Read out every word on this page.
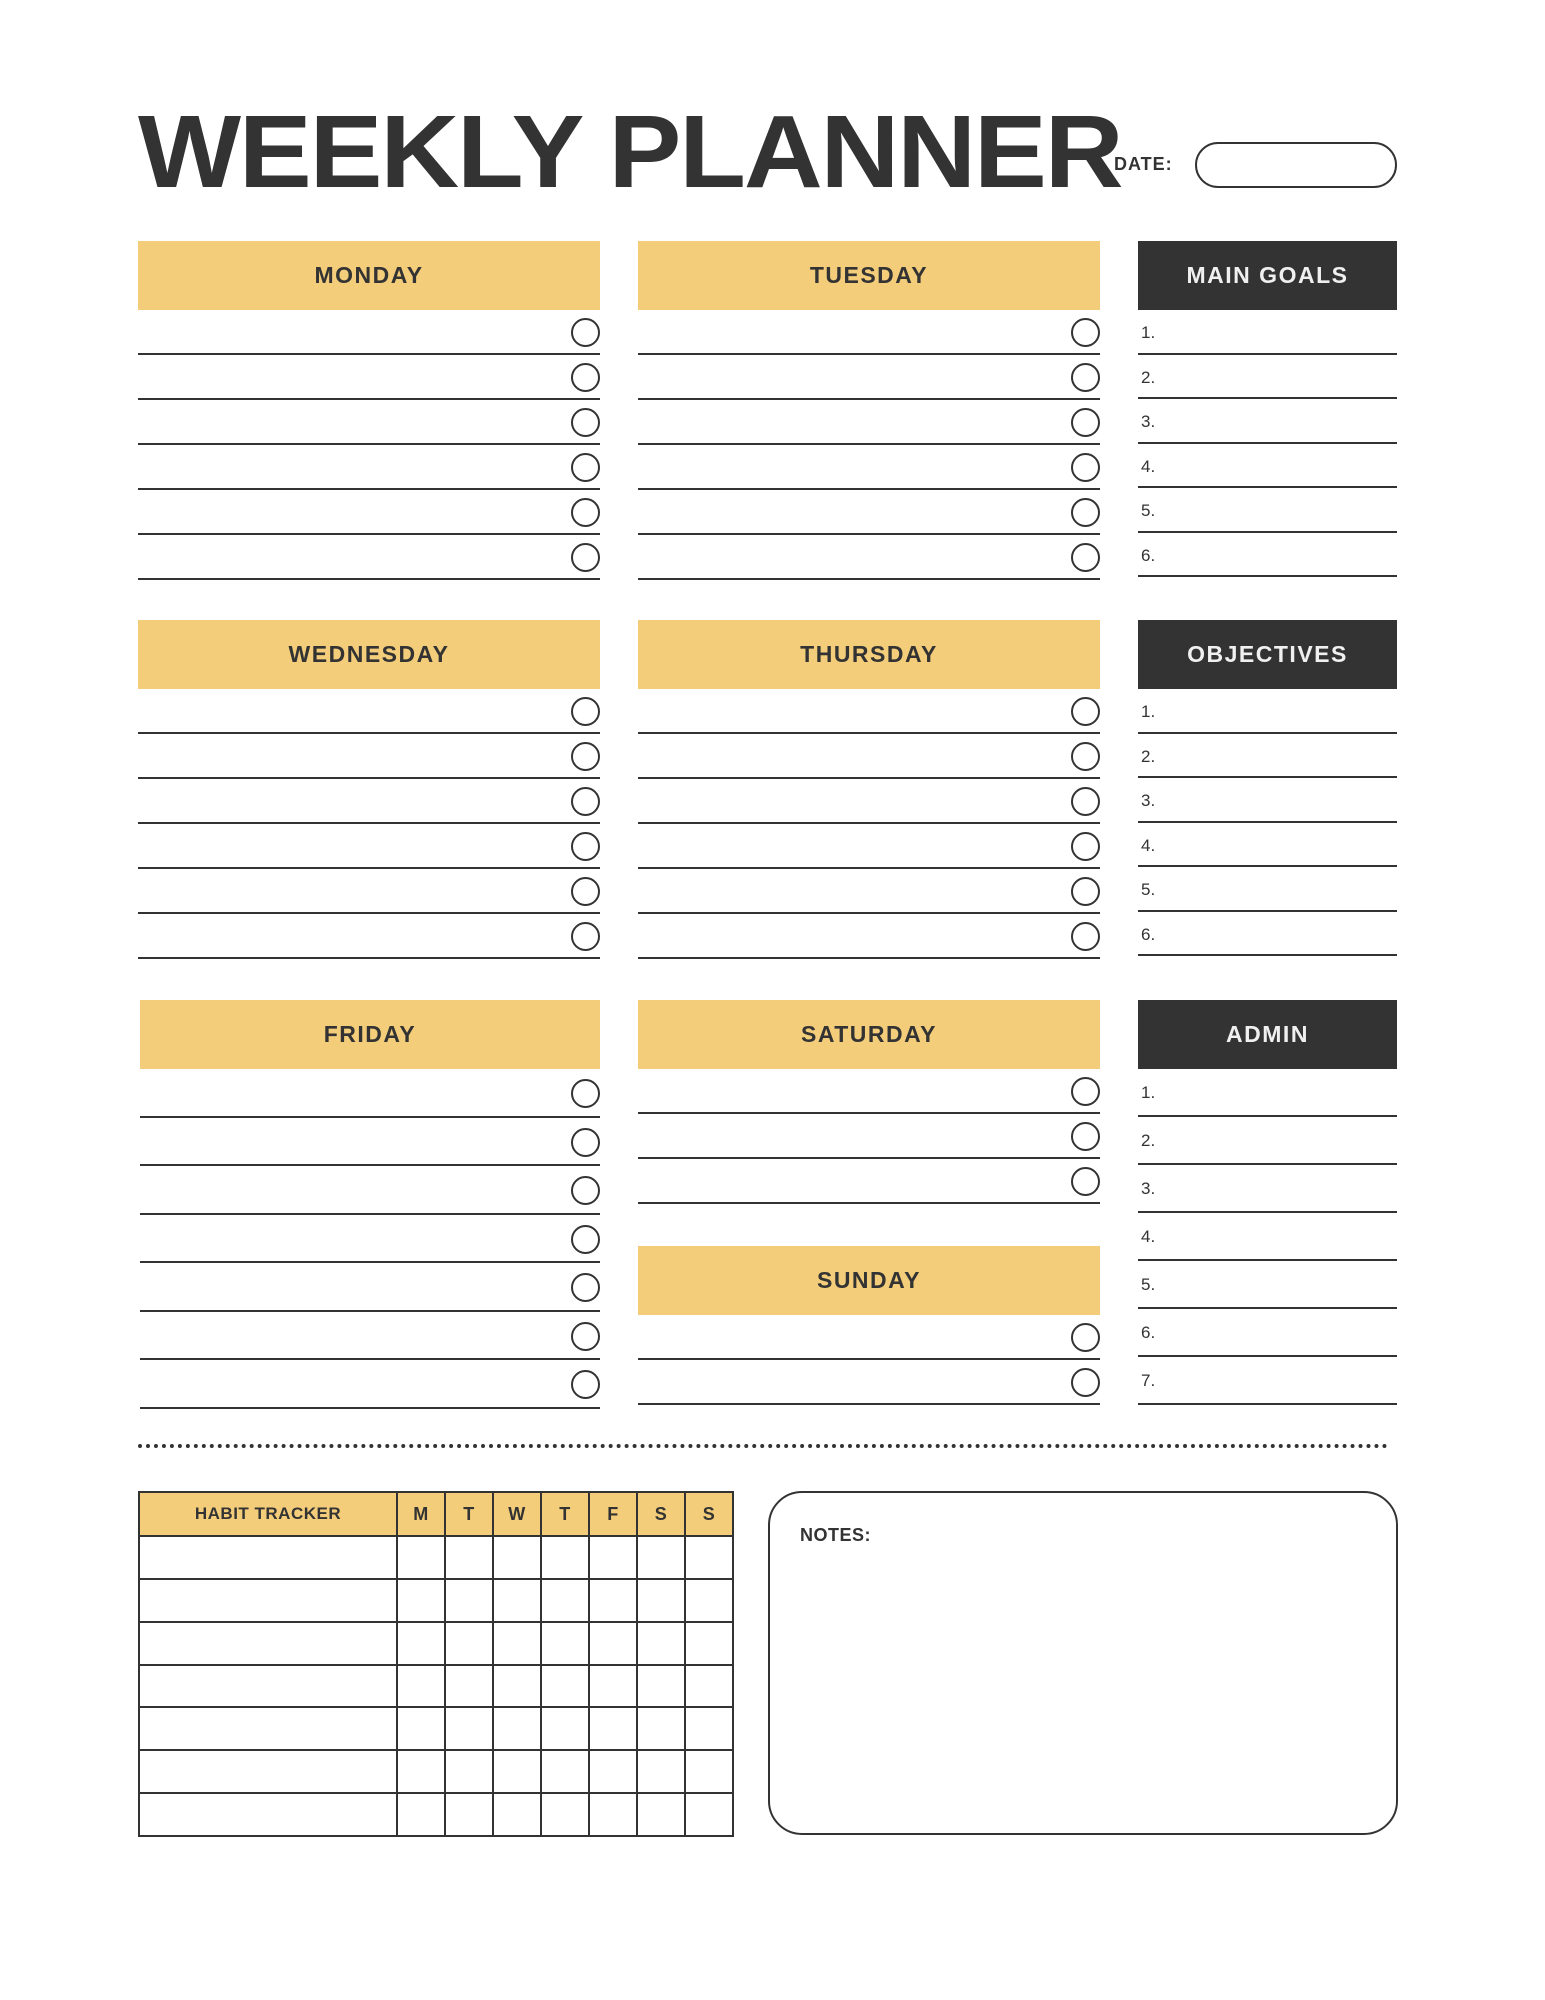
WEEKLY PLANNER
DATE:
MONDAY	TUESDAY	MAIN GOALS
1.
2.
3.
4.
5.
6.
WEDNESDAY	THURSDAY	OBJECTIVES
1.
2.
3.
4.
5.
6.
FRIDAY	SATURDAY
SUNDAY
ADMIN
1.
2.
3.
4.
5.
6.
7.
HABIT TRACKER	M	T	W	T	F	S	S

NOTES:
